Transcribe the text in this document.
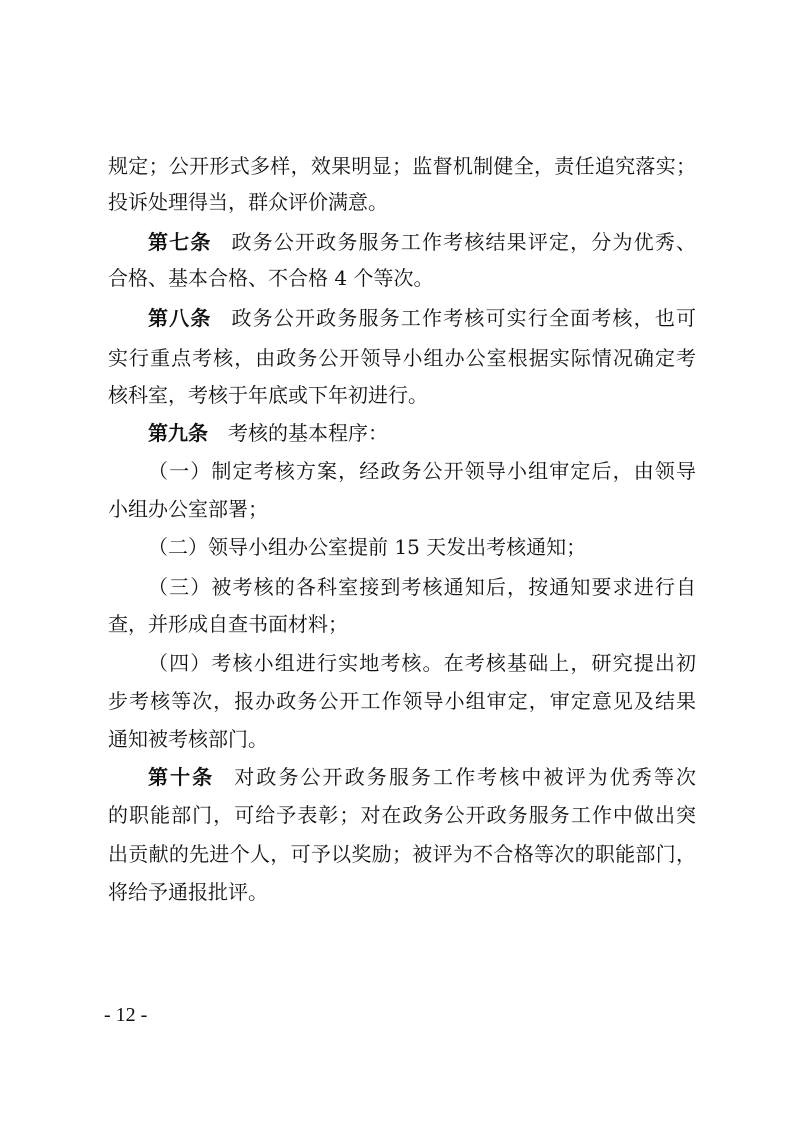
规定；公开形式多样，效果明显；监督机制健全，责任追究落实；
投诉处理得当，群众评价满意。
第七条 政务公开政务服务工作考核结果评定，分为优秀、
合格、基本合格、不合格 4 个等次。
第八条 政务公开政务服务工作考核可实行全面考核，也可
实行重点考核，由政务公开领导小组办公室根据实际情况确定考
核科室，考核于年底或下年初进行。
第九条 考核的基本程序：
（一）制定考核方案，经政务公开领导小组审定后，由领导
小组办公室部署；
（二）领导小组办公室提前 15 天发出考核通知；
（三）被考核的各科室接到考核通知后，按通知要求进行自
查，并形成自查书面材料；
（四）考核小组进行实地考核。在考核基础上，研究提出初
步考核等次，报办政务公开工作领导小组审定，审定意见及结果
通知被考核部门。
第十条 对政务公开政务服务工作考核中被评为优秀等次
的职能部门，可给予表彰；对在政务公开政务服务工作中做出突
出贡献的先进个人，可予以奖励；被评为不合格等次的职能部门，
将给予通报批评。
- 12 -
